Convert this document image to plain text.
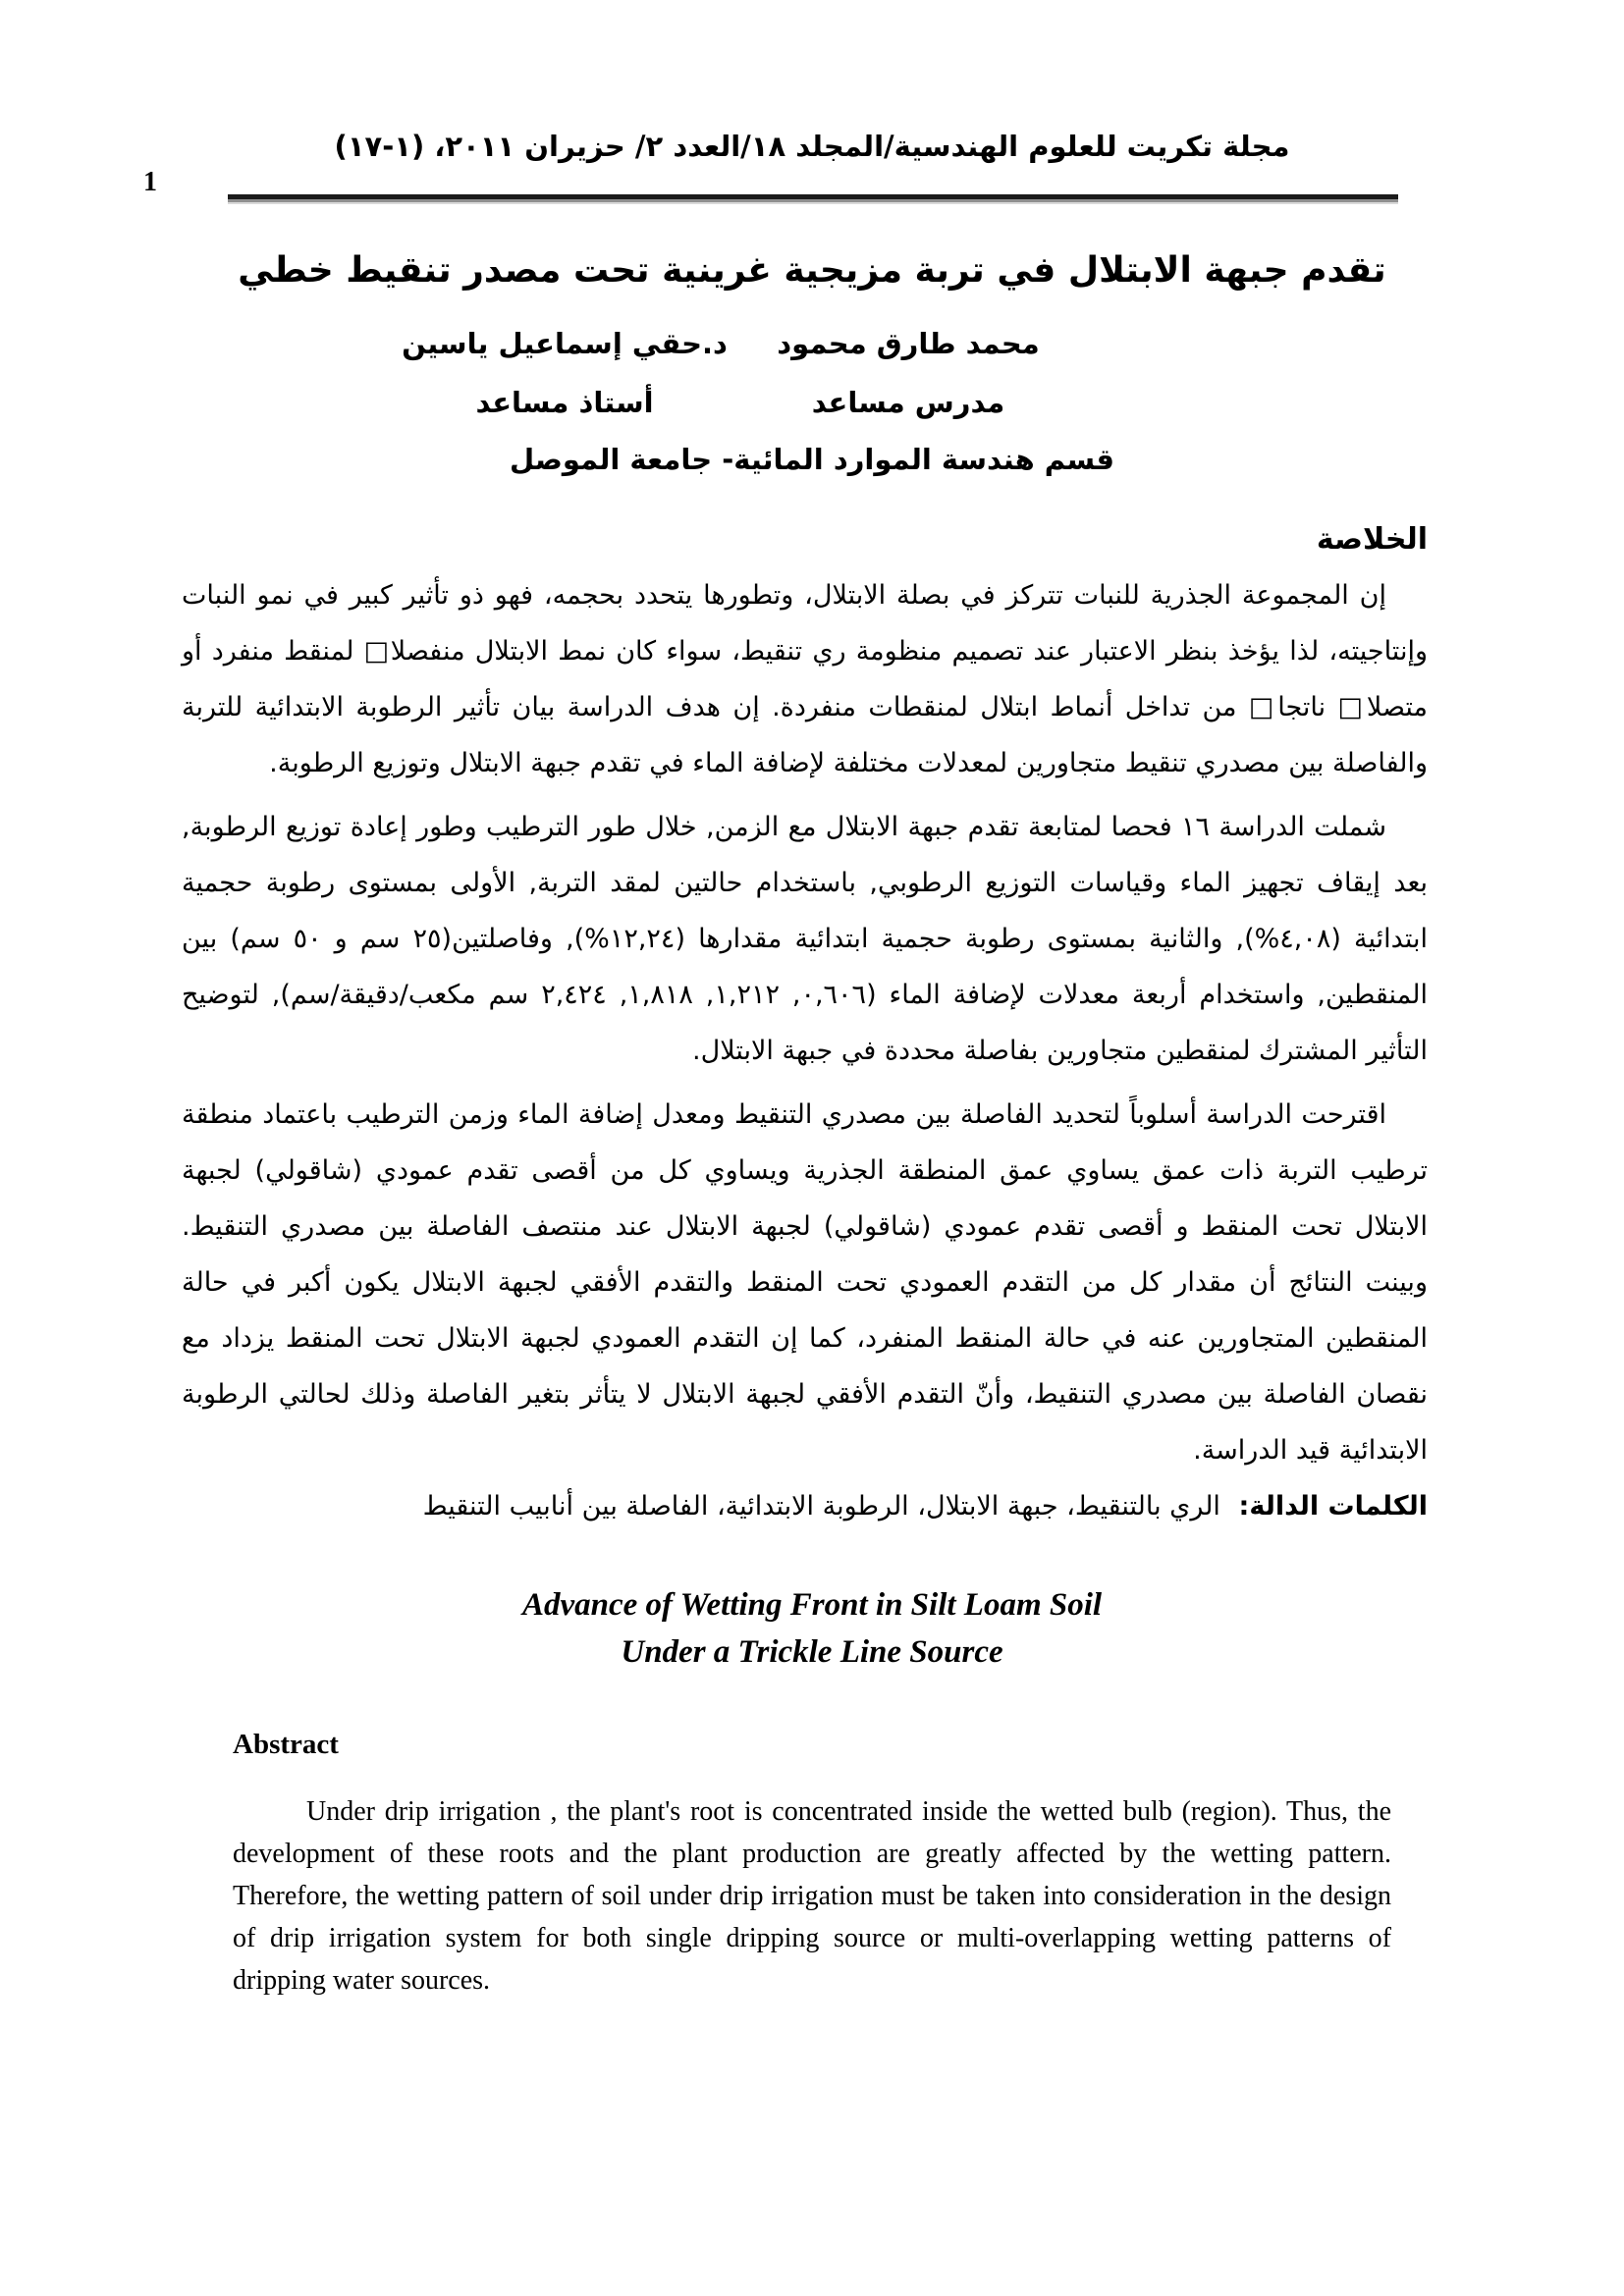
1
مجلة تكريت للعلوم الهندسية/المجلد ١٨/العدد ٢/ حزيران ٢٠١١، (١-١٧)
تقدم جبهة الابتلال في تربة مزيجية غرينية تحت مصدر تنقيط خطي
محمد طارق محمود
د.حقي إسماعيل ياسين
مدرس مساعد
أستاذ مساعد
قسم هندسة الموارد المائية- جامعة الموصل
الخلاصة

إن المجموعة الجذرية للنبات تتركز في بصلة الابتلال، وتطورها يتحدد بحجمه، فهو ذو تأثير كبير في نمو النبات وإنتاجيته، لذا يؤخذ بنظر الاعتبار عند تصميم منظومة ري تنقيط، سواء كان نمط الابتلال منفصلا□ لمنقط منفرد أو متصلا□ ناتجا□ من تداخل أنماط ابتلال لمنقطات منفردة. إن هدف الدراسة بيان تأثير الرطوبة الابتدائية للتربة والفاصلة بين مصدري تنقيط متجاورين لمعدلات مختلفة لإضافة الماء في تقدم جبهة الابتلال وتوزيع الرطوبة.

شملت الدراسة ١٦ فحصا لمتابعة تقدم جبهة الابتلال مع الزمن, خلال طور الترطيب وطور إعادة توزيع الرطوبة, بعد إيقاف تجهيز الماء وقياسات التوزيع الرطوبي, باستخدام حالتين لمقد التربة, الأولى بمستوى رطوبة حجمية ابتدائية (٤,٠٨%), والثانية بمستوى رطوبة حجمية ابتدائية مقدارها (١٢,٢٤%), وفاصلتين(٢٥ سم و ٥٠ سم) بين المنقطين, واستخدام أربعة معدلات لإضافة الماء (٠,٦٠٦, ١,٢١٢, ١,٨١٨, ٢,٤٢٤ سم مكعب/دقيقة/سم), لتوضيح التأثير المشترك لمنقطين متجاورين بفاصلة محددة في جبهة الابتلال.

اقترحت الدراسة أسلوباً لتحديد الفاصلة بين مصدري التنقيط ومعدل إضافة الماء وزمن الترطيب باعتماد منطقة ترطيب التربة ذات عمق يساوي عمق المنطقة الجذرية ويساوي كل من أقصى تقدم عمودي (شاقولي) لجبهة الابتلال تحت المنقط و أقصى تقدم عمودي (شاقولي) لجبهة الابتلال عند منتصف الفاصلة بين مصدري التنقيط. وبينت النتائج أن مقدار كل من التقدم العمودي تحت المنقط والتقدم الأفقي لجبهة الابتلال يكون أكبر في حالة المنقطين المتجاورين عنه في حالة المنقط المنفرد، كما إن التقدم العمودي لجبهة الابتلال تحت المنقط يزداد مع نقصان الفاصلة بين مصدري التنقيط، وأنّ التقدم الأفقي لجبهة الابتلال لا يتأثر بتغير الفاصلة وذلك لحالتي الرطوبة الابتدائية قيد الدراسة.

الكلمات الدالة: الري بالتنقيط، جبهة الابتلال، الرطوبة الابتدائية، الفاصلة بين أنابيب التنقيط

Advance of Wetting Front in Silt Loam Soil
Under a Trickle Line Source
Abstract

Under drip irrigation , the plant's root is concentrated inside the wetted bulb (region). Thus, the development of these roots and the plant production are greatly affected by the wetting pattern. Therefore, the wetting pattern of soil under drip irrigation must be taken into consideration in the design of drip irrigation system for both single dripping source or multi-overlapping wetting patterns of dripping water sources.
